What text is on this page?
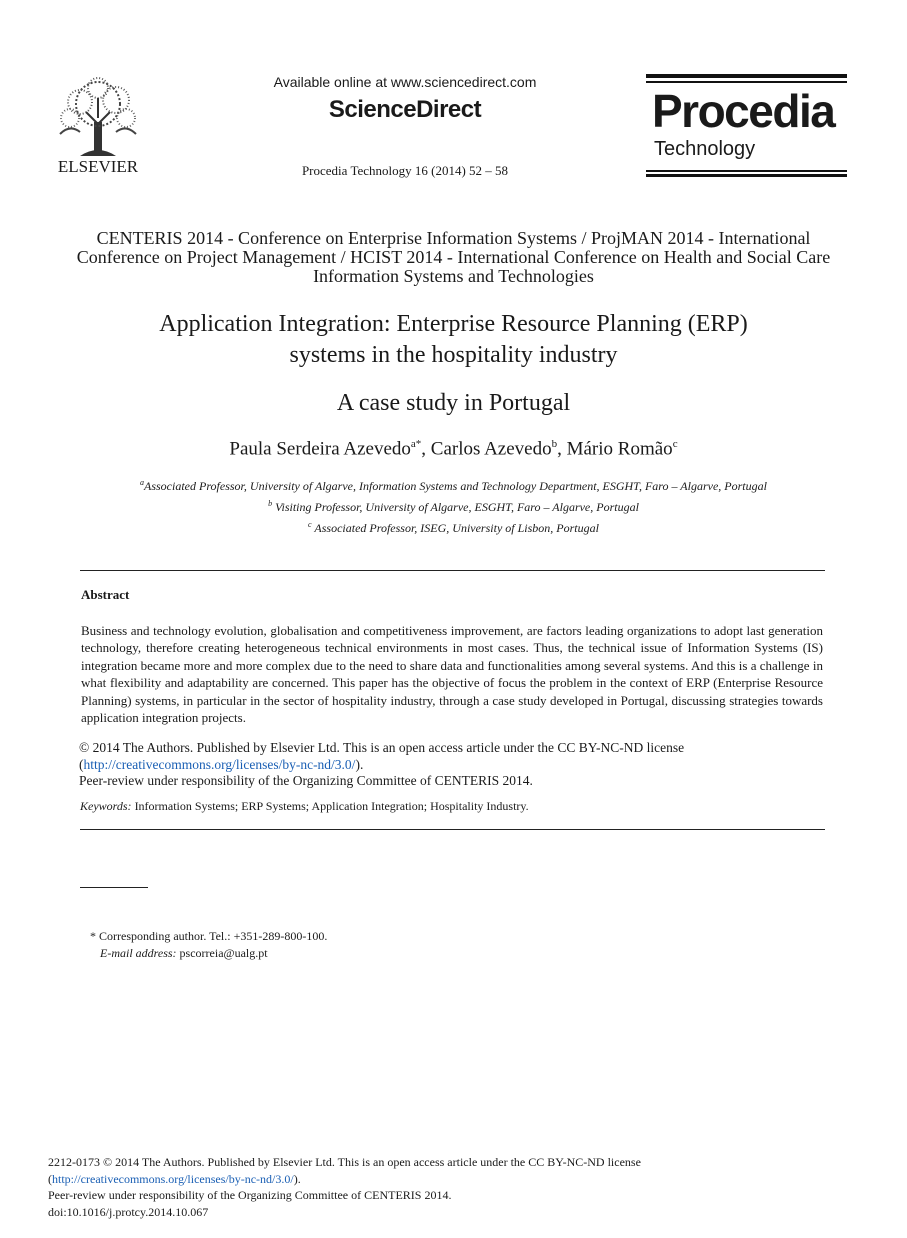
ELSEVIER
Available online at www.sciencedirect.com
ScienceDirect
Procedia Technology 16 (2014) 52 – 58
Procedia
Technology
CENTERIS 2014 - Conference on Enterprise Information Systems / ProjMAN 2014 - International Conference on Project Management / HCIST 2014 - International Conference on Health and Social Care Information Systems and Technologies
Application Integration: Enterprise Resource Planning (ERP)
systems in the hospitality industry
A case study in Portugal
Paula Serdeira Azevedo$^{a*}$, Carlos Azevedo$^b$, Mário Romão$^c$
$^a$Associated Professor, University of Algarve, Information Systems and Technology Department, ESGHT, Faro – Algarve, Portugal
$^b$ Visiting Professor, University of Algarve, ESGHT, Faro – Algarve, Portugal
$^c$ Associated Professor, ISEG, University of Lisbon, Portugal
Abstract
Business and technology evolution, globalisation and competitiveness improvement, are factors leading organizations to adopt last generation technology, therefore creating heterogeneous technical environments in most cases. Thus, the technical issue of Information Systems (IS) integration became more and more complex due to the need to share data and functionalities among several systems. And this is a challenge in what flexibility and adaptability are concerned. This paper has the objective of focus the problem in the context of ERP (Enterprise Resource Planning) systems, in particular in the sector of hospitality industry, through a case study developed in Portugal, discussing strategies towards application integration projects.
© 2014 The Authors. Published by Elsevier Ltd. This is an open access article under the CC BY-NC-ND license
(http://creativecommons.org/licenses/by-nc-nd/3.0/).
Peer-review under responsibility of the Organizing Committee of CENTERIS 2014.
Keywords: Information Systems; ERP Systems; Application Integration; Hospitality Industry.
* Corresponding author. Tel.: +351-289-800-100.
E-mail address: pscorreia@ualg.pt
2212-0173 © 2014 The Authors. Published by Elsevier Ltd. This is an open access article under the CC BY-NC-ND license
(http://creativecommons.org/licenses/by-nc-nd/3.0/).
Peer-review under responsibility of the Organizing Committee of CENTERIS 2014.
doi:10.1016/j.protcy.2014.10.067
